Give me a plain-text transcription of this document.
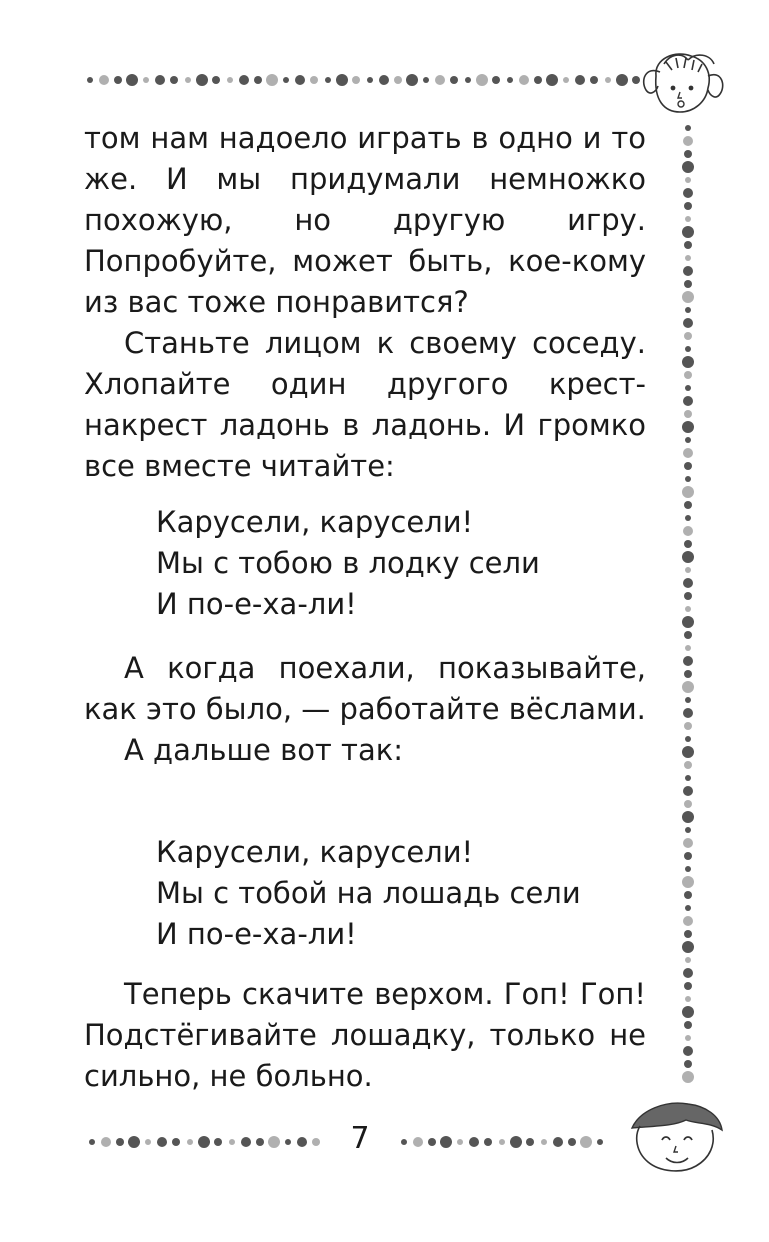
том нам надоело играть в одно и то же. И мы придумали немножко похожую, но другую игру. Попробуйте, может быть, кое-кому из вас тоже понравится?

Станьте лицом к своему соседу. Хлопайте один другого крест-накрест ладонь в ладонь. И громко все вместе читайте:

Карусели, карусели!
Мы с тобою в лодку сели
И по-е-ха-ли!

А когда поехали, показывайте, как это было, — работайте вёслами.

А дальше вот так:

Карусели, карусели!
Мы с тобой на лошадь сели
И по-е-ха-ли!

Теперь скачите верхом. Гоп! Гоп! Подстёгивайте лошадку, только не сильно, не больно.

7
